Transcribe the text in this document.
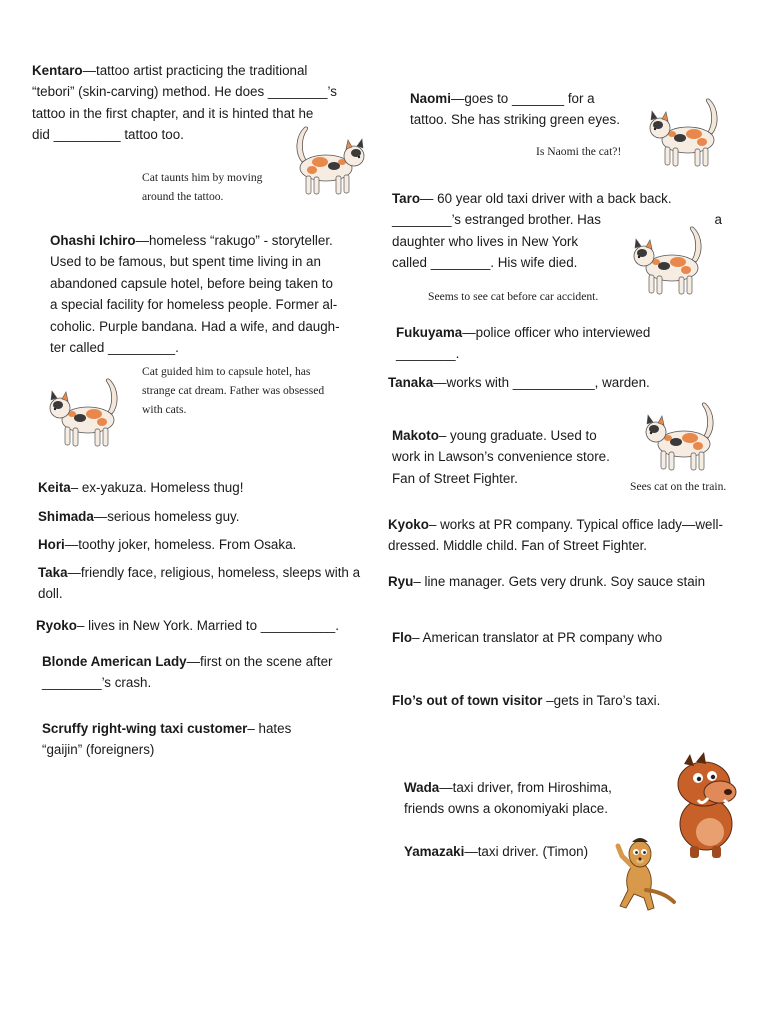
Kentaro—tattoo artist practicing the traditional
“tebori” (skin-carving) method. He does ________’s
tattoo in the first chapter, and it is hinted that he
did _________ tattoo too.
Cat taunts him by moving
around the tattoo.
Ohashi Ichiro—homeless “rakugo” - storyteller.
Used to be famous, but spent time living in an
abandoned capsule hotel, before being taken to
a special facility for homeless people. Former al-
coholic. Purple bandana. Had a wife, and daugh-
ter called _________.
Cat guided him to capsule hotel, has
strange cat dream. Father was obsessed
with cats.
Keita– ex-yakuza. Homeless thug!
Shimada—serious homeless guy.
Hori—toothy joker, homeless. From Osaka.
Taka—friendly face, religious, homeless, sleeps with a
doll.
Ryoko– lives in New York. Married to __________.
Blonde American Lady—first on the scene after
________’s crash.
Scruffy right-wing taxi customer– hates
“gaijin” (foreigners)
Naomi—goes to _______ for a
tattoo. She has striking green eyes.
Is Naomi the cat?!
Taro— 60 year old taxi driver with a back back.
________’s estranged brother. Has	a
daughter who lives in New York
called ________. His wife died.
Seems to see cat before car accident.
Fukuyama—police officer who interviewed
________.
Tanaka—works with ___________, warden.
Makoto– young graduate. Used to
work in Lawson’s convenience store.
Fan of Street Fighter.
Sees cat on the train.
Kyoko– works at PR company. Typical office lady—well-
dressed. Middle child. Fan of Street Fighter.
Ryu– line manager. Gets very drunk. Soy sauce stain
Flo– American translator at PR company who
Flo’s out of town visitor –gets in Taro’s taxi.
Wada—taxi driver, from Hiroshima,
friends owns a okonomiyaki place.
Yamazaki—taxi driver. (Timon)
